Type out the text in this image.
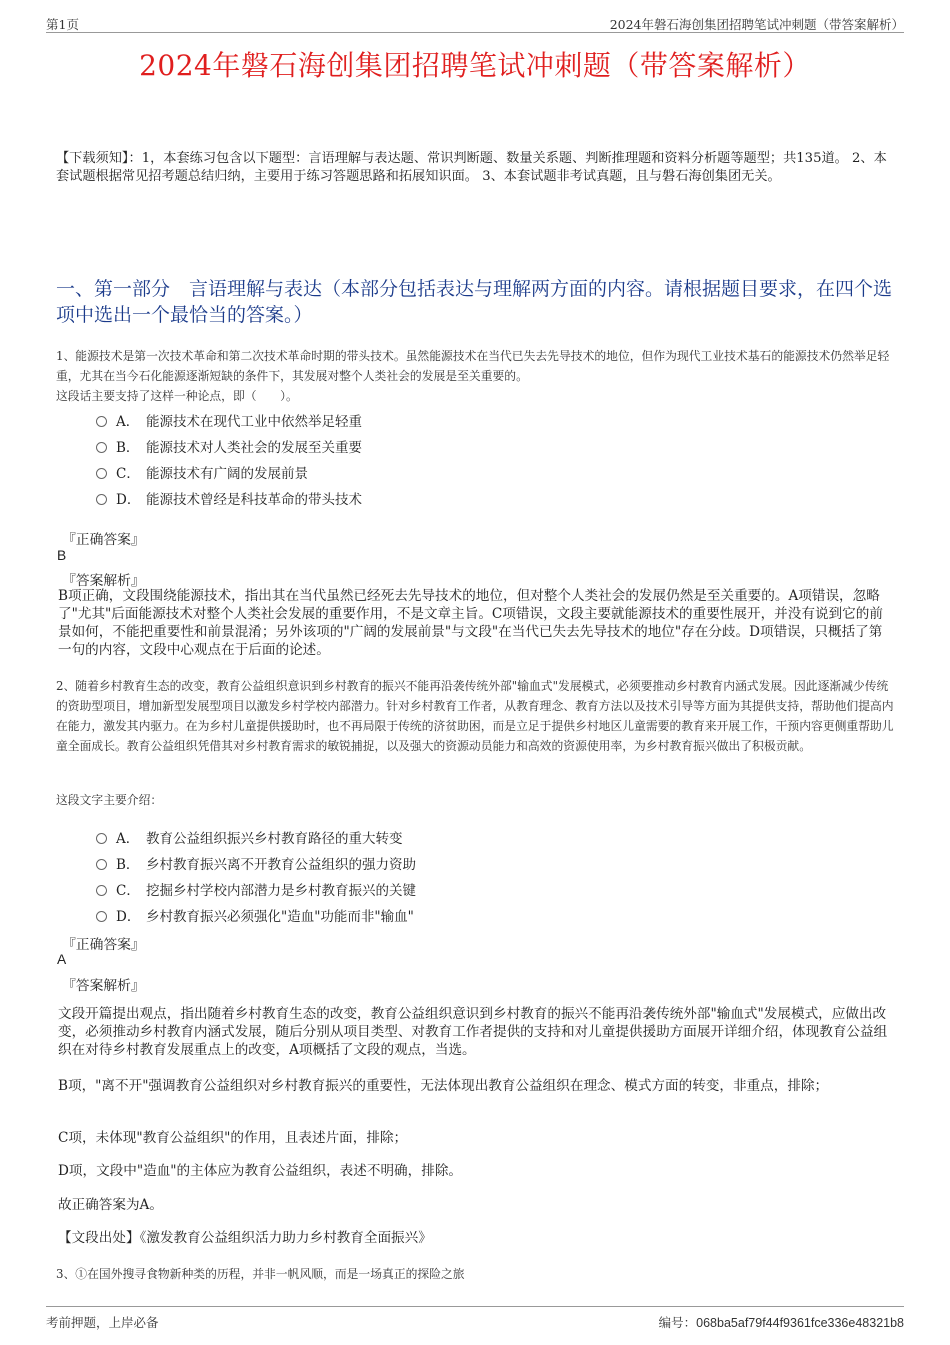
第1页	2024年磐石海创集团招聘笔试冲刺题（带答案解析）
2024年磐石海创集团招聘笔试冲刺题（带答案解析）
【下载须知】：1，本套练习包含以下题型：言语理解与表达题、常识判断题、数量关系题、判断推理题和资料分析题等题型；共135道。 2、本套试题根据常见招考题总结归纳，主要用于练习答题思路和拓展知识面。 3、本套试题非考试真题，且与磐石海创集团无关。
一、第一部分　言语理解与表达（本部分包括表达与理解两方面的内容。请根据题目要求，在四个选项中选出一个最恰当的答案。）
1、能源技术是第一次技术革命和第二次技术革命时期的带头技术。虽然能源技术在当代已失去先导技术的地位，但作为现代工业技术基石的能源技术仍然举足轻重，尤其在当今石化能源逐渐短缺的条件下，其发展对整个人类社会的发展是至关重要的。
这段话主要支持了这样一种论点，即（　　）。
A． 能源技术在现代工业中依然举足轻重
B． 能源技术对人类社会的发展至关重要
C． 能源技术有广阔的发展前景
D． 能源技术曾经是科技革命的带头技术
『正确答案』
B
『答案解析』
B项正确，文段围绕能源技术，指出其在当代虽然已经死去先导技术的地位，但对整个人类社会的发展仍然是至关重要的。A项错误，忽略了"尤其"后面能源技术对整个人类社会发展的重要作用，不是文章主旨。C项错误，文段主要就能源技术的重要性展开，并没有说到它的前景如何，不能把重要性和前景混淆；另外该项的"广阔的发展前景"与文段"在当代已失去先导技术的地位"存在分歧。D项错误，只概括了第一句的内容，文段中心观点在于后面的论述。
2、随着乡村教育生态的改变，教育公益组织意识到乡村教育的振兴不能再沿袭传统外部"输血式"发展模式，必须要推动乡村教育内涵式发展。因此逐渐减少传统的资助型项目，增加新型发展型项目以激发乡村学校内部潜力。针对乡村教育工作者，从教育理念、教育方法以及技术引导等方面为其提供支持，帮助他们提高内在能力，激发其内驱力。在为乡村儿童提供援助时，也不再局限于传统的济贫助困，而是立足于提供乡村地区儿童需要的教育来开展工作，干预内容更侧重帮助儿童全面成长。教育公益组织凭借其对乡村教育需求的敏锐捕捉，以及强大的资源动员能力和高效的资源使用率，为乡村教育振兴做出了积极贡献。
这段文字主要介绍：
A． 教育公益组织振兴乡村教育路径的重大转变
B． 乡村教育振兴离不开教育公益组织的强力资助
C． 挖掘乡村学校内部潜力是乡村教育振兴的关键
D． 乡村教育振兴必须强化"造血"功能而非"输血"
『正确答案』
A
『答案解析』
文段开篇提出观点，指出随着乡村教育生态的改变，教育公益组织意识到乡村教育的振兴不能再沿袭传统外部"输血式"发展模式，应做出改变，必须推动乡村教育内涵式发展，随后分别从项目类型、对教育工作者提供的支持和对儿童提供援助方面展开详细介绍，体现教育公益组织在对待乡村教育发展重点上的改变，A项概括了文段的观点，当选。
B项，"离不开"强调教育公益组织对乡村教育振兴的重要性，无法体现出教育公益组织在理念、模式方面的转变，非重点，排除；
C项，未体现"教育公益组织"的作用，且表述片面，排除；
D项，文段中"造血"的主体应为教育公益组织，表述不明确，排除。
故正确答案为A。
【文段出处】《激发教育公益组织活力助力乡村教育全面振兴》
3、①在国外搜寻食物新种类的历程，并非一帆风顺，而是一场真正的探险之旅
考前押题，上岸必备	编号：068ba5af79f44f9361fce336e48321b8
